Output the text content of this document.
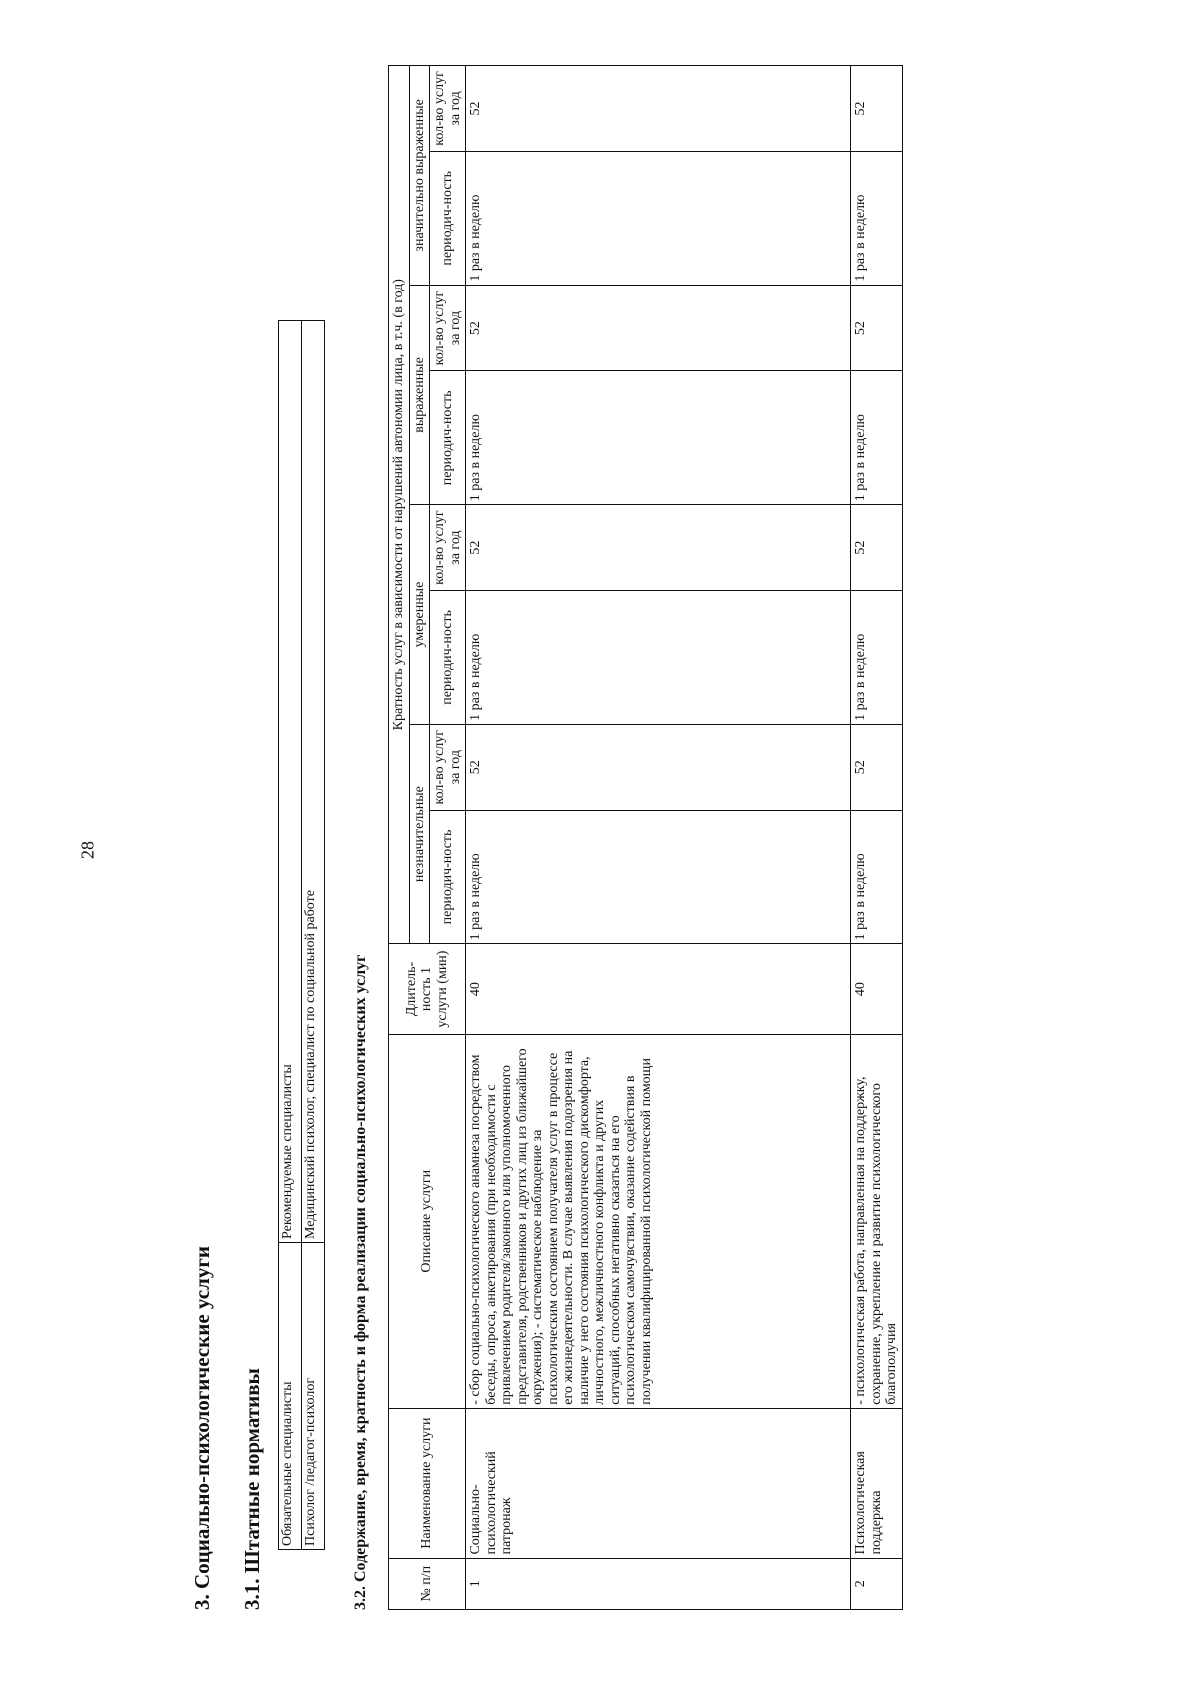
28
3. Социально-психологические услуги 3.1. Штатные нормативы Обязательные специалисты	Рекомендуемые специалисты
Психолог /педагог-психолог	Медицинский психолог, специалист по социальной работе 3.2. Содержание, время, кратность и форма реализации социально-психологических услуг	№ п/п	Наименование услуги	Описание услуги	Длитель-ность 1 услуги (мин)	Кратность услуг в зависимости от нарушений автономии лица, в т.ч. (в год)							
				незначительные		умеренные		выраженные		значительно выраженные	
				периодич-ность	кол-во услуг за год	периодич-ность	кол-во услуг за год	периодич-ность	кол-во услуг за год	периодич-ность	кол-во услуг за год
1	Социально-психологический патронаж	- сбор социально-психологического анамнеза посредством беседы, опроса, анкетирования (при необходимости с привлечением родителя/законного или уполномоченного представителя, родственников и других лиц из ближайшего окружения); - систематическое наблюдение за психологическим состоянием получателя услуг в процессе его жизнедеятельности. В случае выявления подозрения на наличие у него состояния психологического дискомфорта, личностного, межличностного конфликта и других ситуаций, способных негативно сказаться на его психологическом самочувствии, оказание содействия в получении квалифицированной психологической помощи	40	1 раз в неделю	52	1 раз в неделю	52	1 раз в неделю	52	1 раз в неделю	52
2	Психологическая поддержка	- психологическая работа, направленная на поддержку, сохранение, укрепление и развитие психологического благополучия	40	1 раз в неделю	52	1 раз в неделю	52	1 раз в неделю	52	1 раз в неделю	52
